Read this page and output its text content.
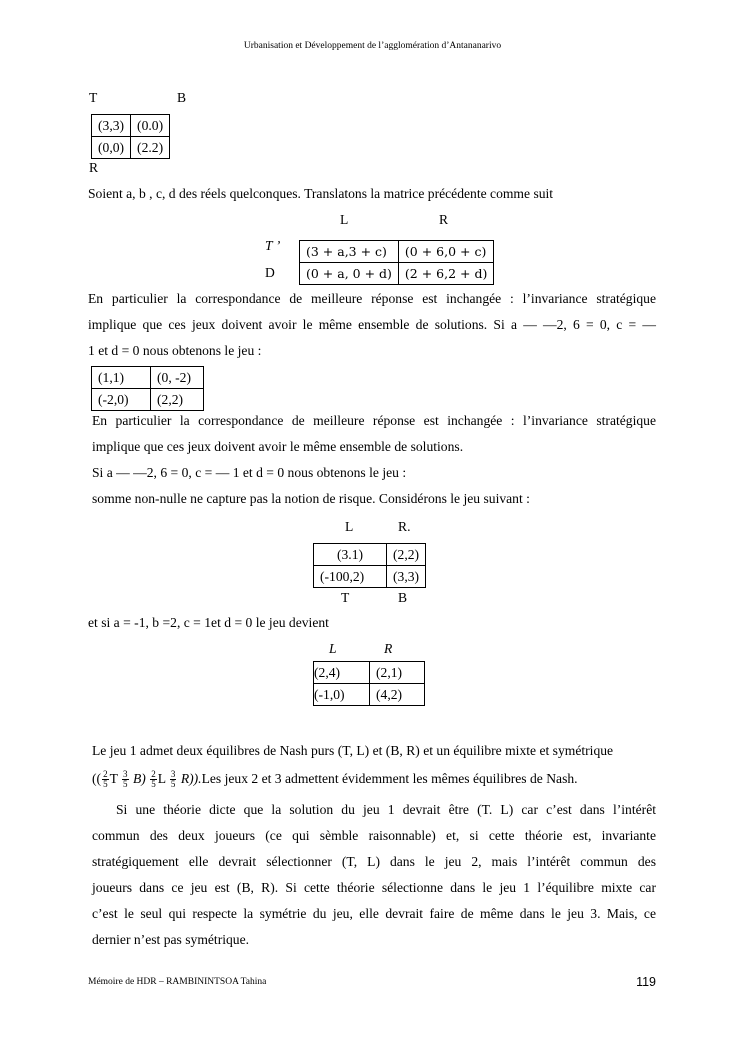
Urbanisation et Développement de l’agglomération d’Antananarivo
T	B
(3,3)	(0.0)
(0,0)	(2.2)
R
Soient a, b , c, d des réels quelconques. Translatons la matrice précédente comme suit
L	R
T ’
D
(3 + a,3 + c)	(0 + 6,0 + c)
(0 + a, 0 + d)	(2 + 6,2 + d)
En particulier la correspondance de meilleure réponse est inchangée : l’invariance stratégique
implique que ces jeux doivent avoir le même ensemble de solutions. Si a — —2, 6 = 0, c = —
1 et d = 0 nous obtenons le jeu :
(1,1)	(0, -2)
(-2,0)	(2,2)
En particulier la correspondance de meilleure réponse est inchangée : l’invariance stratégique
implique que ces jeux doivent avoir le même ensemble de solutions.
Si a — —2, 6 = 0, c = — 1 et d = 0 nous obtenons le jeu :
somme non-nulle ne capture pas la notion de risque. Considérons le jeu suivant :
L	R.
(3.1)	(2,2)
(-100,2)	(3,3)
T	B
et si a = -1, b =2, c = 1et d = 0 le jeu devient
L	R
(2,4)	(2,1)
(-1,0)	(4,2)
Le jeu 1 admet deux équilibres de Nash purs (T, L) et (B, R) et un équilibre mixte et symétrique
(( $\frac{2}{5}$ T $\frac{3}{5} B) \frac{2}{5}$ L $\frac{3}{5} R)).Les$ jeux 2 et 3 admettent évidemment les mêmes équilibres de Nash.
Si une théorie dicte que la solution du jeu 1 devrait être (T. L) car c’est dans l’intérêt
commun des deux joueurs (ce qui sèmble raisonnable) et, si cette théorie est, invariante
stratégiquement elle devrait sélectionner (T, L) dans le jeu 2, mais l’intérêt commun des
joueurs dans ce jeu est (B, R). Si cette théorie sélectionne dans le jeu 1 l’équilibre mixte car
c’est le seul qui respecte la symétrie du jeu, elle devrait faire de même dans le jeu 3. Mais, ce
dernier n’est pas symétrique.
Mémoire de HDR – RAMBININTSOA Tahina	119
